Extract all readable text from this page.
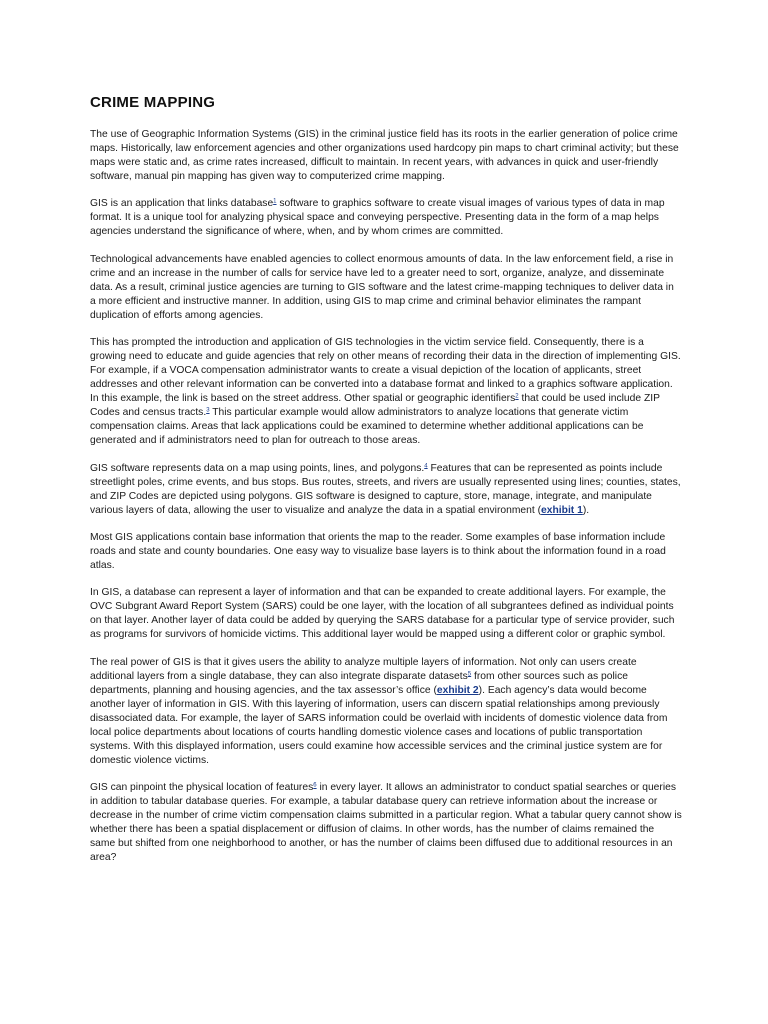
CRIME MAPPING

The use of Geographic Information Systems (GIS) in the criminal justice field has its roots in the earlier generation of police crime maps. Historically, law enforcement agencies and other organizations used hardcopy pin maps to chart criminal activity; but these maps were static and, as crime rates increased, difficult to maintain. In recent years, with advances in quick and user-friendly software, manual pin mapping has given way to computerized crime mapping.

GIS is an application that links database$^1$ software to graphics software to create visual images of various types of data in map format. It is a unique tool for analyzing physical space and conveying perspective. Presenting data in the form of a map helps agencies understand the significance of where, when, and by whom crimes are committed.

Technological advancements have enabled agencies to collect enormous amounts of data. In the law enforcement field, a rise in crime and an increase in the number of calls for service have led to a greater need to sort, organize, analyze, and disseminate data. As a result, criminal justice agencies are turning to GIS software and the latest crime-mapping techniques to deliver data in a more efficient and instructive manner. In addition, using GIS to map crime and criminal behavior eliminates the rampant duplication of efforts among agencies.

This has prompted the introduction and application of GIS technologies in the victim service field. Consequently, there is a growing need to educate and guide agencies that rely on other means of recording their data in the direction of implementing GIS. For example, if a VOCA compensation administrator wants to create a visual depiction of the location of applicants, street addresses and other relevant information can be converted into a database format and linked to a graphics software application. In this example, the link is based on the street address. Other spatial or geographic identifiers$^2$ that could be used include ZIP Codes and census tracts.$^3$ This particular example would allow administrators to analyze locations that generate victim compensation claims. Areas that lack applications could be examined to determine whether additional applications can be generated and if administrators need to plan for outreach to those areas.

GIS software represents data on a map using points, lines, and polygons.$^4$ Features that can be represented as points include streetlight poles, crime events, and bus stops. Bus routes, streets, and rivers are usually represented using lines; counties, states, and ZIP Codes are depicted using polygons. GIS software is designed to capture, store, manage, integrate, and manipulate various layers of data, allowing the user to visualize and analyze the data in a spatial environment (exhibit 1).

Most GIS applications contain base information that orients the map to the reader. Some examples of base information include roads and state and county boundaries. One easy way to visualize base layers is to think about the information found in a road atlas.

In GIS, a database can represent a layer of information and that can be expanded to create additional layers. For example, the OVC Subgrant Award Report System (SARS) could be one layer, with the location of all subgrantees defined as individual points on that layer. Another layer of data could be added by querying the SARS database for a particular type of service provider, such as programs for survivors of homicide victims. This additional layer would be mapped using a different color or graphic symbol.

The real power of GIS is that it gives users the ability to analyze multiple layers of information. Not only can users create additional layers from a single database, they can also integrate disparate datasets$^5$ from other sources such as police departments, planning and housing agencies, and the tax assessor’s office (exhibit 2). Each agency’s data would become another layer of information in GIS. With this layering of information, users can discern spatial relationships among previously disassociated data. For example, the layer of SARS information could be overlaid with incidents of domestic violence data from local police departments about locations of courts handling domestic violence cases and locations of public transportation systems. With this displayed information, users could examine how accessible services and the criminal justice system are for domestic violence victims.

GIS can pinpoint the physical location of features$^6$ in every layer. It allows an administrator to conduct spatial searches or queries in addition to tabular database queries. For example, a tabular database query can retrieve information about the increase or decrease in the number of crime victim compensation claims submitted in a particular region. What a tabular query cannot show is whether there has been a spatial displacement or diffusion of claims. In other words, has the number of claims remained the same but shifted from one neighborhood to another, or has the number of claims been diffused due to additional resources in an area?
